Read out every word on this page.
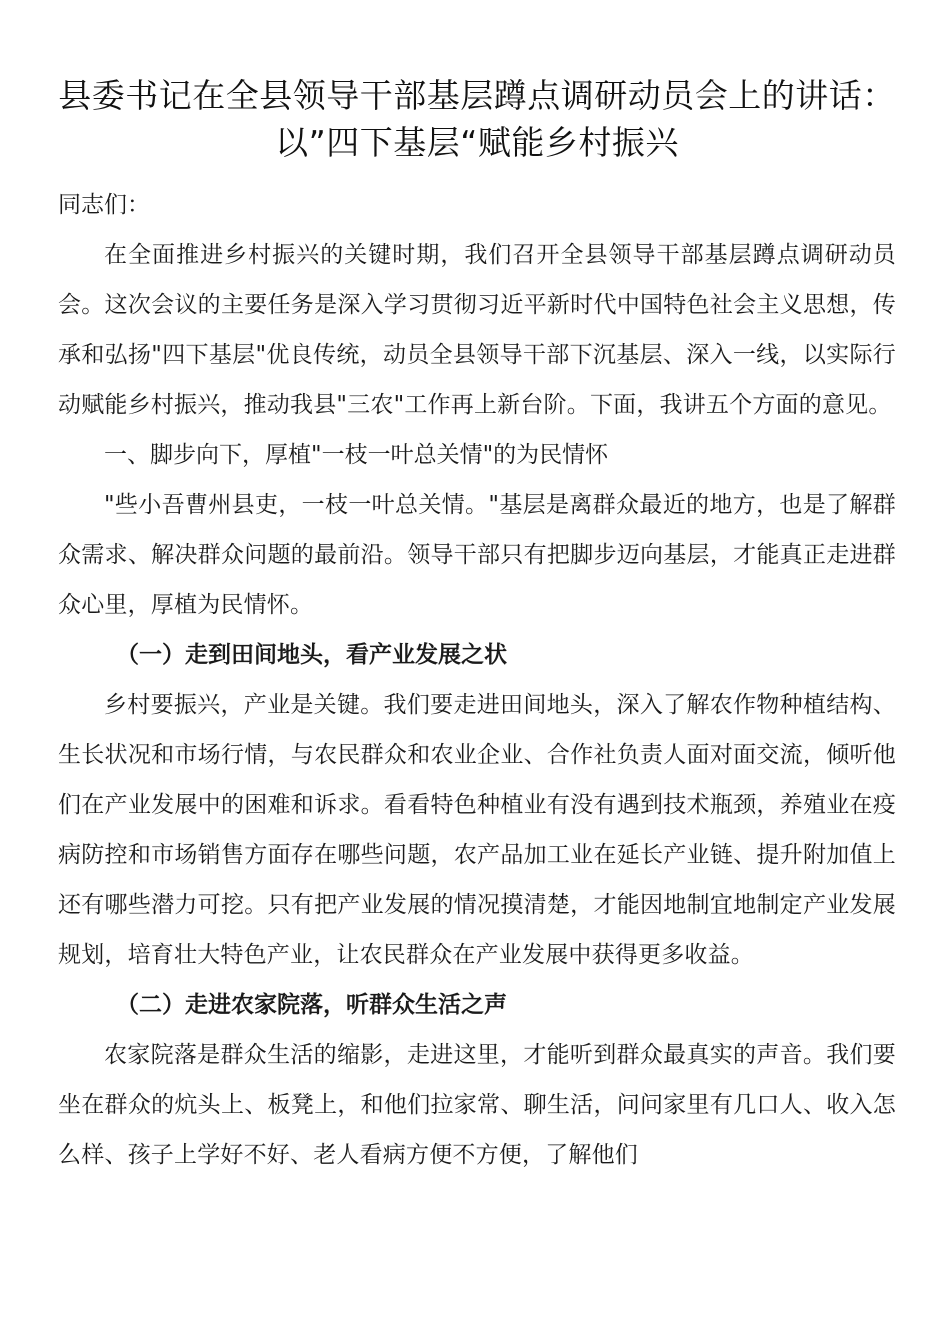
县委书记在全县领导干部基层蹲点调研动员会上的讲话：以”四下基层“赋能乡村振兴

同志们：

在全面推进乡村振兴的关键时期，我们召开全县领导干部基层蹲点调研动员会。这次会议的主要任务是深入学习贯彻习近平新时代中国特色社会主义思想，传承和弘扬"四下基层"优良传统，动员全县领导干部下沉基层、深入一线，以实际行动赋能乡村振兴，推动我县"三农"工作再上新台阶。下面，我讲五个方面的意见。

一、脚步向下，厚植"一枝一叶总关情"的为民情怀

"些小吾曹州县吏，一枝一叶总关情。"基层是离群众最近的地方，也是了解群众需求、解决群众问题的最前沿。领导干部只有把脚步迈向基层，才能真正走进群众心里，厚植为民情怀。

（一）走到田间地头，看产业发展之状

乡村要振兴，产业是关键。我们要走进田间地头，深入了解农作物种植结构、生长状况和市场行情，与农民群众和农业企业、合作社负责人面对面交流，倾听他们在产业发展中的困难和诉求。看看特色种植业有没有遇到技术瓶颈，养殖业在疫病防控和市场销售方面存在哪些问题，农产品加工业在延长产业链、提升附加值上还有哪些潜力可挖。只有把产业发展的情况摸清楚，才能因地制宜地制定产业发展规划，培育壮大特色产业，让农民群众在产业发展中获得更多收益。

（二）走进农家院落，听群众生活之声

农家院落是群众生活的缩影，走进这里，才能听到群众最真实的声音。我们要坐在群众的炕头上、板凳上，和他们拉家常、聊生活，问问家里有几口人、收入怎么样、孩子上学好不好、老人看病方便不方便，了解他们
